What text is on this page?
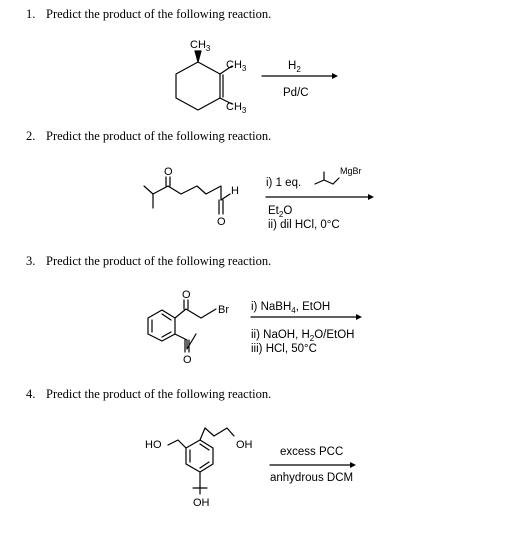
1. Predict the product of the following reaction.
2. Predict the product of the following reaction.
3. Predict the product of the following reaction.
4. Predict the product of the following reaction.
$CH_3$
$CH_3$
$CH_3$
$H_2$
Pd/C
O
O
H
i) 1 eq.
MgBr
$Et_2O$
ii) dil HCl, 0°C
O
O
Br i) NaBH$_4$, EtOH
ii) NaOH, $H_2O$/EtOH
iii) HCl, 50°C
HO	OH
OH
excess PCC
anhydrous DCM
